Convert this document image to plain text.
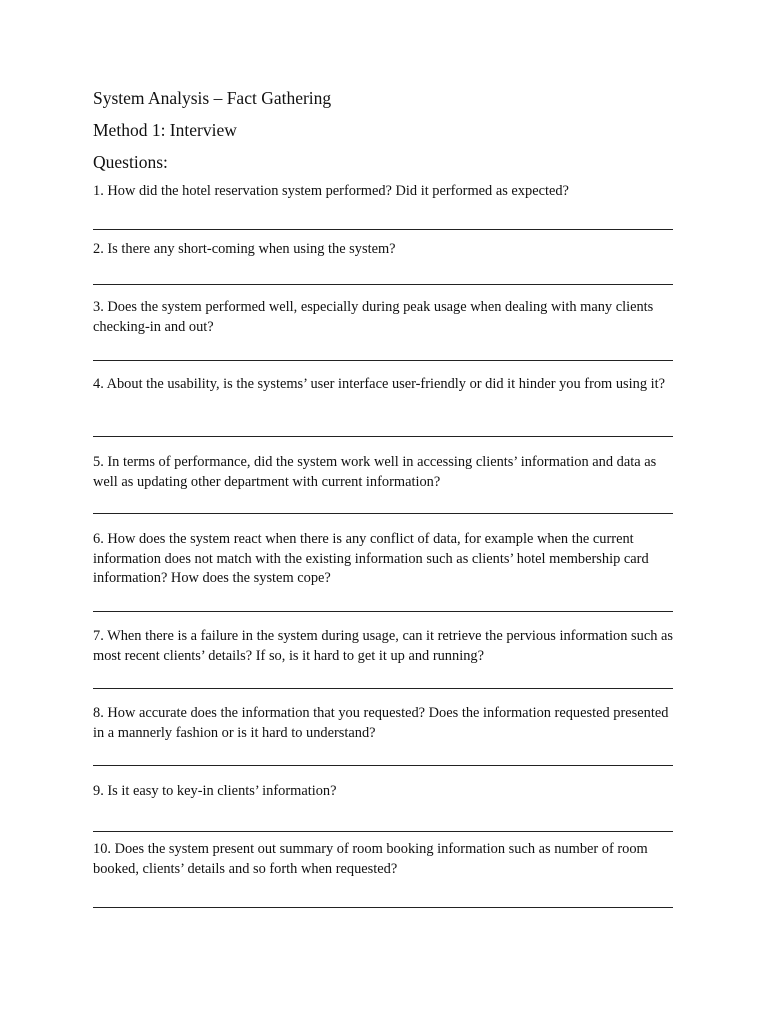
System Analysis – Fact Gathering
Method 1: Interview
Questions:
1. How did the hotel reservation system performed? Did it performed as expected?
2. Is there any short-coming when using the system?
3. Does the system performed well, especially during peak usage when dealing with many clients checking-in and out?
4. About the usability, is the systems’ user interface user-friendly or did it hinder you from using it?
5. In terms of performance, did the system work well in accessing clients’ information and data as well as updating other department with current information?
6. How does the system react when there is any conflict of data, for example when the current information does not match with the existing information such as clients’ hotel membership card information? How does the system cope?
7. When there is a failure in the system during usage, can it retrieve the pervious information such as most recent clients’ details? If so, is it hard to get it up and running?
8. How accurate does the information that you requested? Does the information requested presented in a mannerly fashion or is it hard to understand?
9. Is it easy to key-in clients’ information?
10. Does the system present out summary of room booking information such as number of room booked, clients’ details and so forth when requested?
